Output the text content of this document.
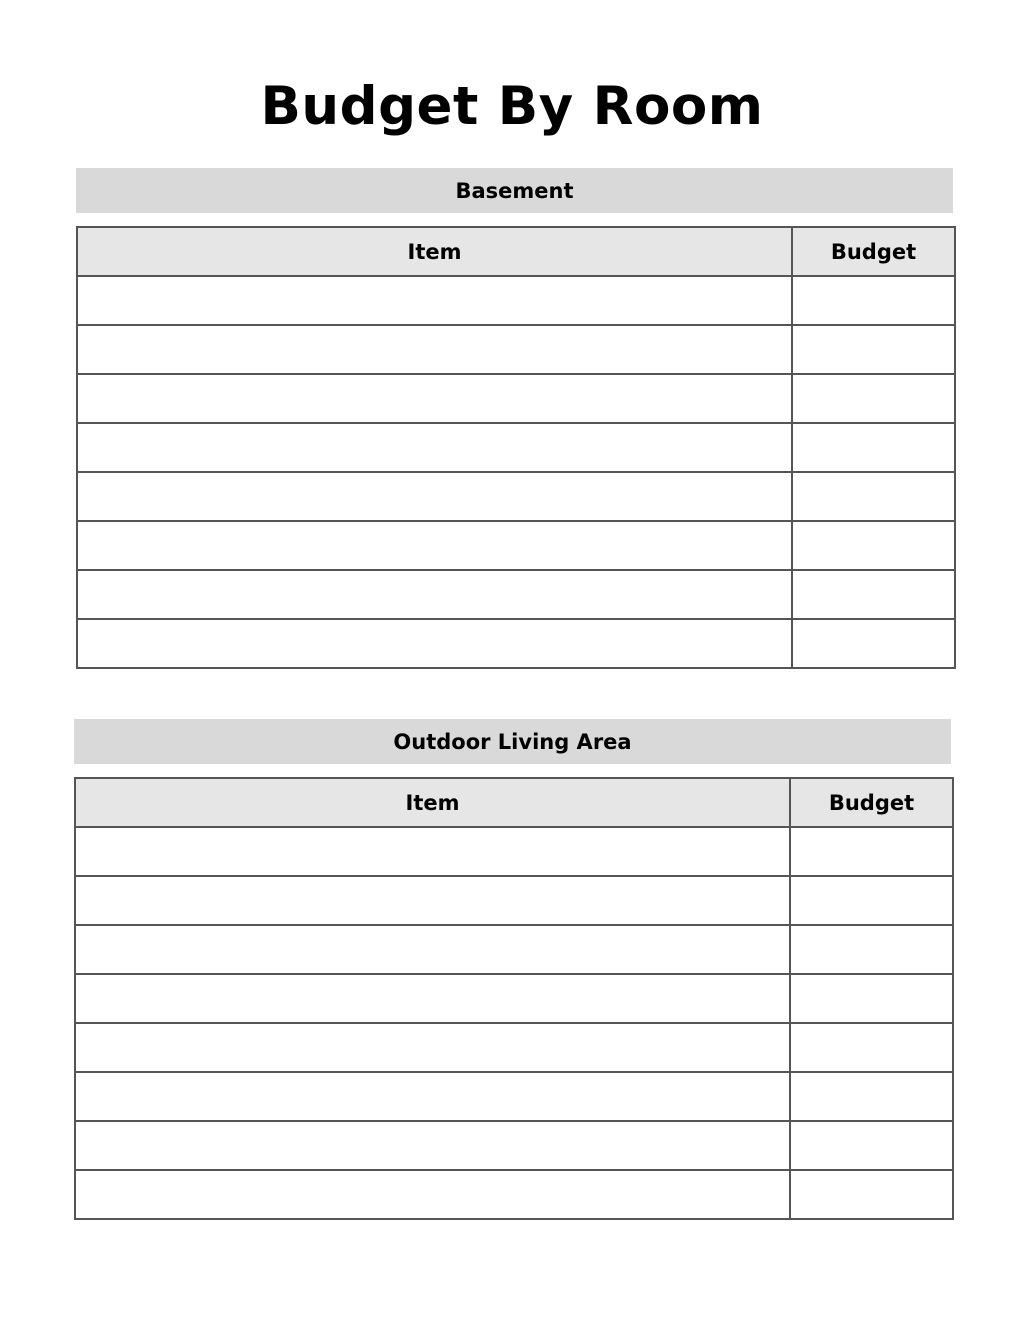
Budget By Room
Basement
Item	Budget

Outdoor Living Area
Item	Budget
